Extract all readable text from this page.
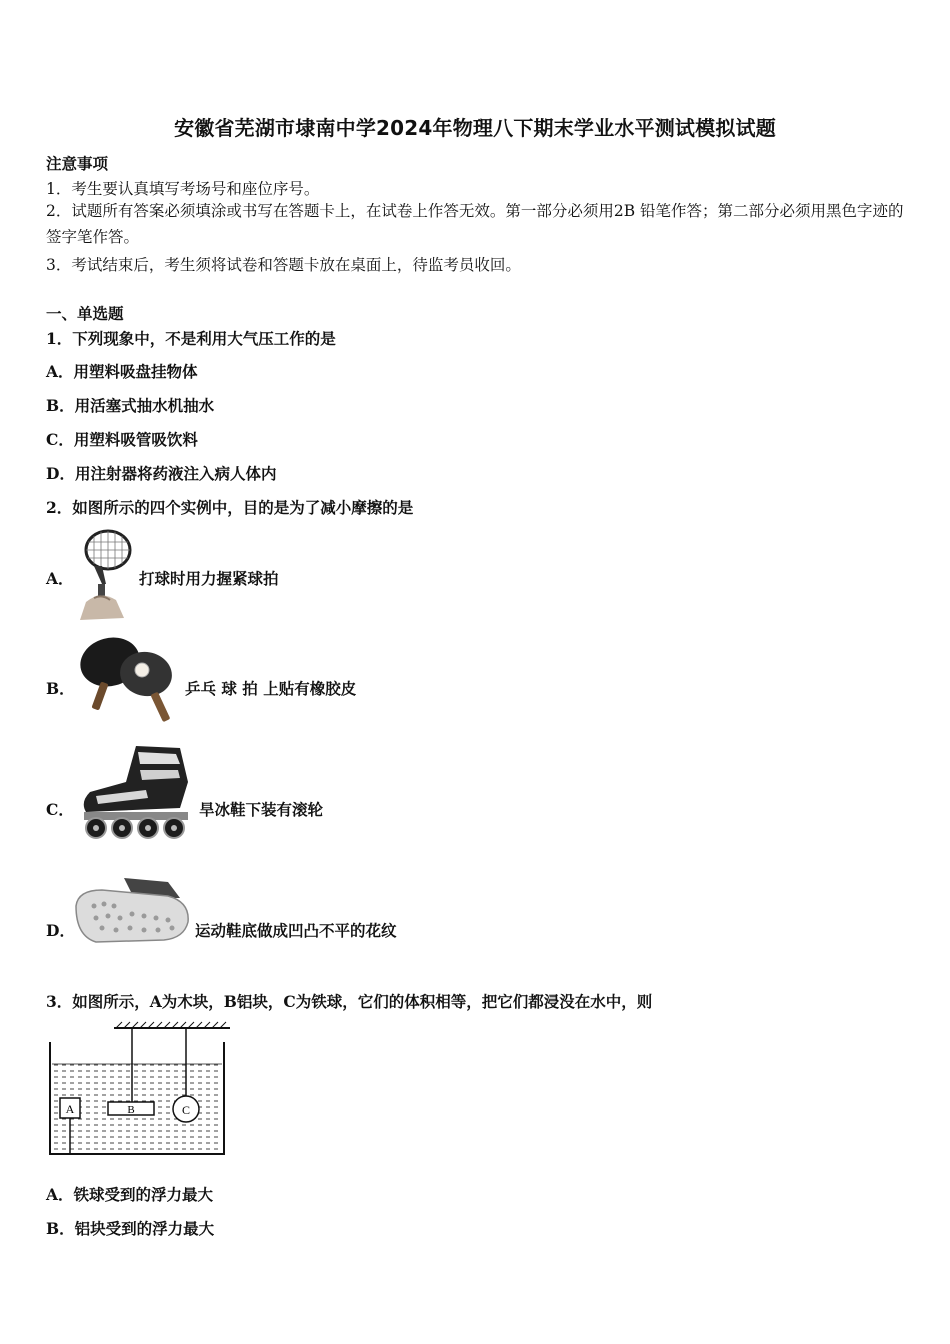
安徽省芜湖市埭南中学2024年物理八下期末学业水平测试模拟试题
注意事项
1．考生要认真填写考场号和座位序号。
2．试题所有答案必须填涂或书写在答题卡上，在试卷上作答无效。第一部分必须用2B 铅笔作答；第二部分必须用黑色字迹的签字笔作答。
3．考试结束后，考生须将试卷和答题卡放在桌面上，待监考员收回。
一、单选题
1．下列现象中，不是利用大气压工作的是
A．用塑料吸盘挂物体
B．用活塞式抽水机抽水
C．用塑料吸管吸饮料
D．用注射器将药液注入病人体内
2．如图所示的四个实例中，目的是为了减小摩擦的是
A．	打球时用力握紧球拍
B．	乒乓 球 拍 上贴有橡胶皮
C．	旱冰鞋下装有滚轮
D．	运动鞋底做成凹凸不平的花纹
3．如图所示，A为木块，B铝块，C为铁球，它们的体积相等，把它们都浸没在水中，则
A	B	C
A．铁球受到的浮力最大
B．铝块受到的浮力最大
